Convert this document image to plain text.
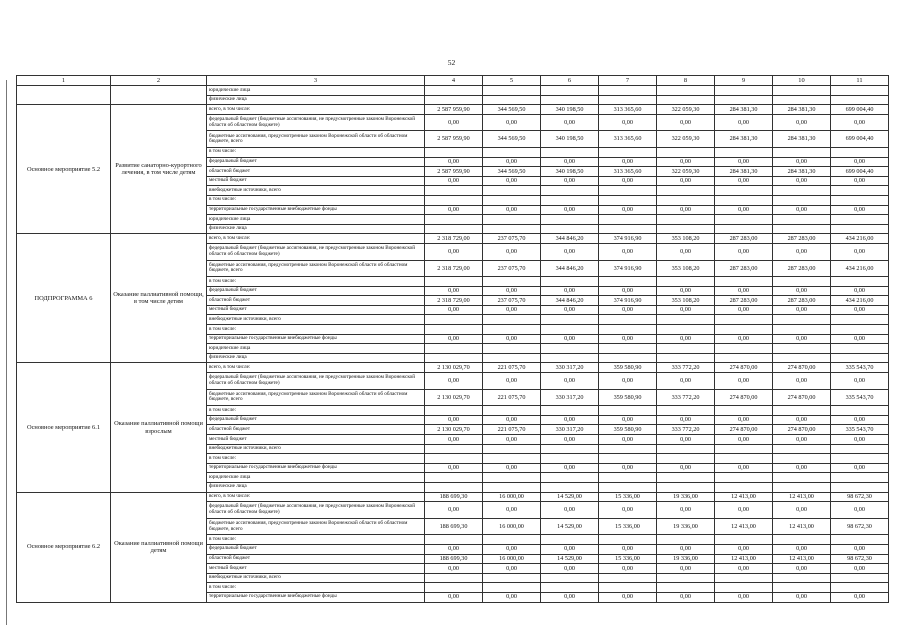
52
1	2	3	4	5	6	7	8	9	10	11
		юридические лица								
		физические лица								
Основное мероприятие 5.2	Развитие санаторно-курортного лечения, в том числе детям	всего, в том числе:	2 587 959,90	344 569,50	340 198,50	313 365,60	322 059,30	284 381,30	284 381,30	699 004,40
		федеральный бюджет (бюджетные ассигнования, не предусмотренные законом Воронежской области об областном бюджете)	0,00	0,00	0,00	0,00	0,00	0,00	0,00	0,00
		бюджетные ассигнования, предусмотренные законом Воронежской области об областном бюджете, всего	2 587 959,90	344 569,50	340 198,50	313 365,60	322 059,30	284 381,30	284 381,30	699 004,40
		в том числе:								
		федеральный бюджет	0,00	0,00	0,00	0,00	0,00	0,00	0,00	0,00
		областной бюджет	2 587 959,90	344 569,50	340 198,50	313 365,60	322 059,30	284 381,30	284 381,30	699 004,40
		местный бюджет	0,00	0,00	0,00	0,00	0,00	0,00	0,00	0,00
		внебюджетные источники, всего								
		в том числе:								
		территориальные государственные внебюджетные фонды	0,00	0,00	0,00	0,00	0,00	0,00	0,00	0,00
		юридические лица								
		физические лица								
ПОДПРОГРАММА 6	Оказание паллиативной помощи, в том числе детям	всего, в том числе:	2 318 729,00	237 075,70	344 846,20	374 916,90	353 108,20	287 283,00	287 283,00	434 216,00
		федеральный бюджет (бюджетные ассигнования, не предусмотренные законом Воронежской области об областном бюджете)	0,00	0,00	0,00	0,00	0,00	0,00	0,00	0,00
		бюджетные ассигнования, предусмотренные законом Воронежской области об областном бюджете, всего	2 318 729,00	237 075,70	344 846,20	374 916,90	353 108,20	287 283,00	287 283,00	434 216,00
		в том числе:								
		федеральный бюджет	0,00	0,00	0,00	0,00	0,00	0,00	0,00	0,00
		областной бюджет	2 318 729,00	237 075,70	344 846,20	374 916,90	353 108,20	287 283,00	287 283,00	434 216,00
		местный бюджет	0,00	0,00	0,00	0,00	0,00	0,00	0,00	0,00
		внебюджетные источники, всего								
		в том числе:								
		территориальные государственные внебюджетные фонды	0,00	0,00	0,00	0,00	0,00	0,00	0,00	0,00
		юридические лица								
		физические лица								
Основное мероприятие 6.1	Оказание паллиативной помощи взрослым	всего, в том числе:	2 130 029,70	221 075,70	330 317,20	359 580,90	333 772,20	274 870,00	274 870,00	335 543,70
		федеральный бюджет (бюджетные ассигнования, не предусмотренные законом Воронежской области об областном бюджете)	0,00	0,00	0,00	0,00	0,00	0,00	0,00	0,00
		бюджетные ассигнования, предусмотренные законом Воронежской области об областном бюджете, всего	2 130 029,70	221 075,70	330 317,20	359 580,90	333 772,20	274 870,00	274 870,00	335 543,70
		в том числе:								
		федеральный бюджет	0,00	0,00	0,00	0,00	0,00	0,00	0,00	0,00
		областной бюджет	2 130 029,70	221 075,70	330 317,20	359 580,90	333 772,20	274 870,00	274 870,00	335 543,70
		местный бюджет	0,00	0,00	0,00	0,00	0,00	0,00	0,00	0,00
		внебюджетные источники, всего								
		в том числе:								
		территориальные государственные внебюджетные фонды	0,00	0,00	0,00	0,00	0,00	0,00	0,00	0,00
		юридические лица								
		физические лица								
Основное мероприятие 6.2	Оказание паллиативной помощи детям	всего, в том числе:	188 699,30	16 000,00	14 529,00	15 336,00	19 336,00	12 413,00	12 413,00	98 672,30
		федеральный бюджет (бюджетные ассигнования, не предусмотренные законом Воронежской области об областном бюджете)	0,00	0,00	0,00	0,00	0,00	0,00	0,00	0,00
		бюджетные ассигнования, предусмотренные законом Воронежской области об областном бюджете, всего	188 699,30	16 000,00	14 529,00	15 336,00	19 336,00	12 413,00	12 413,00	98 672,30
		в том числе:								
		федеральный бюджет	0,00	0,00	0,00	0,00	0,00	0,00	0,00	0,00
		областной бюджет	188 699,30	16 000,00	14 529,00	15 336,00	19 336,00	12 413,00	12 413,00	98 672,30
		местный бюджет	0,00	0,00	0,00	0,00	0,00	0,00	0,00	0,00
		внебюджетные источники, всего								
		в том числе:								
		территориальные государственные внебюджетные фонды	0,00	0,00	0,00	0,00	0,00	0,00	0,00	0,00
